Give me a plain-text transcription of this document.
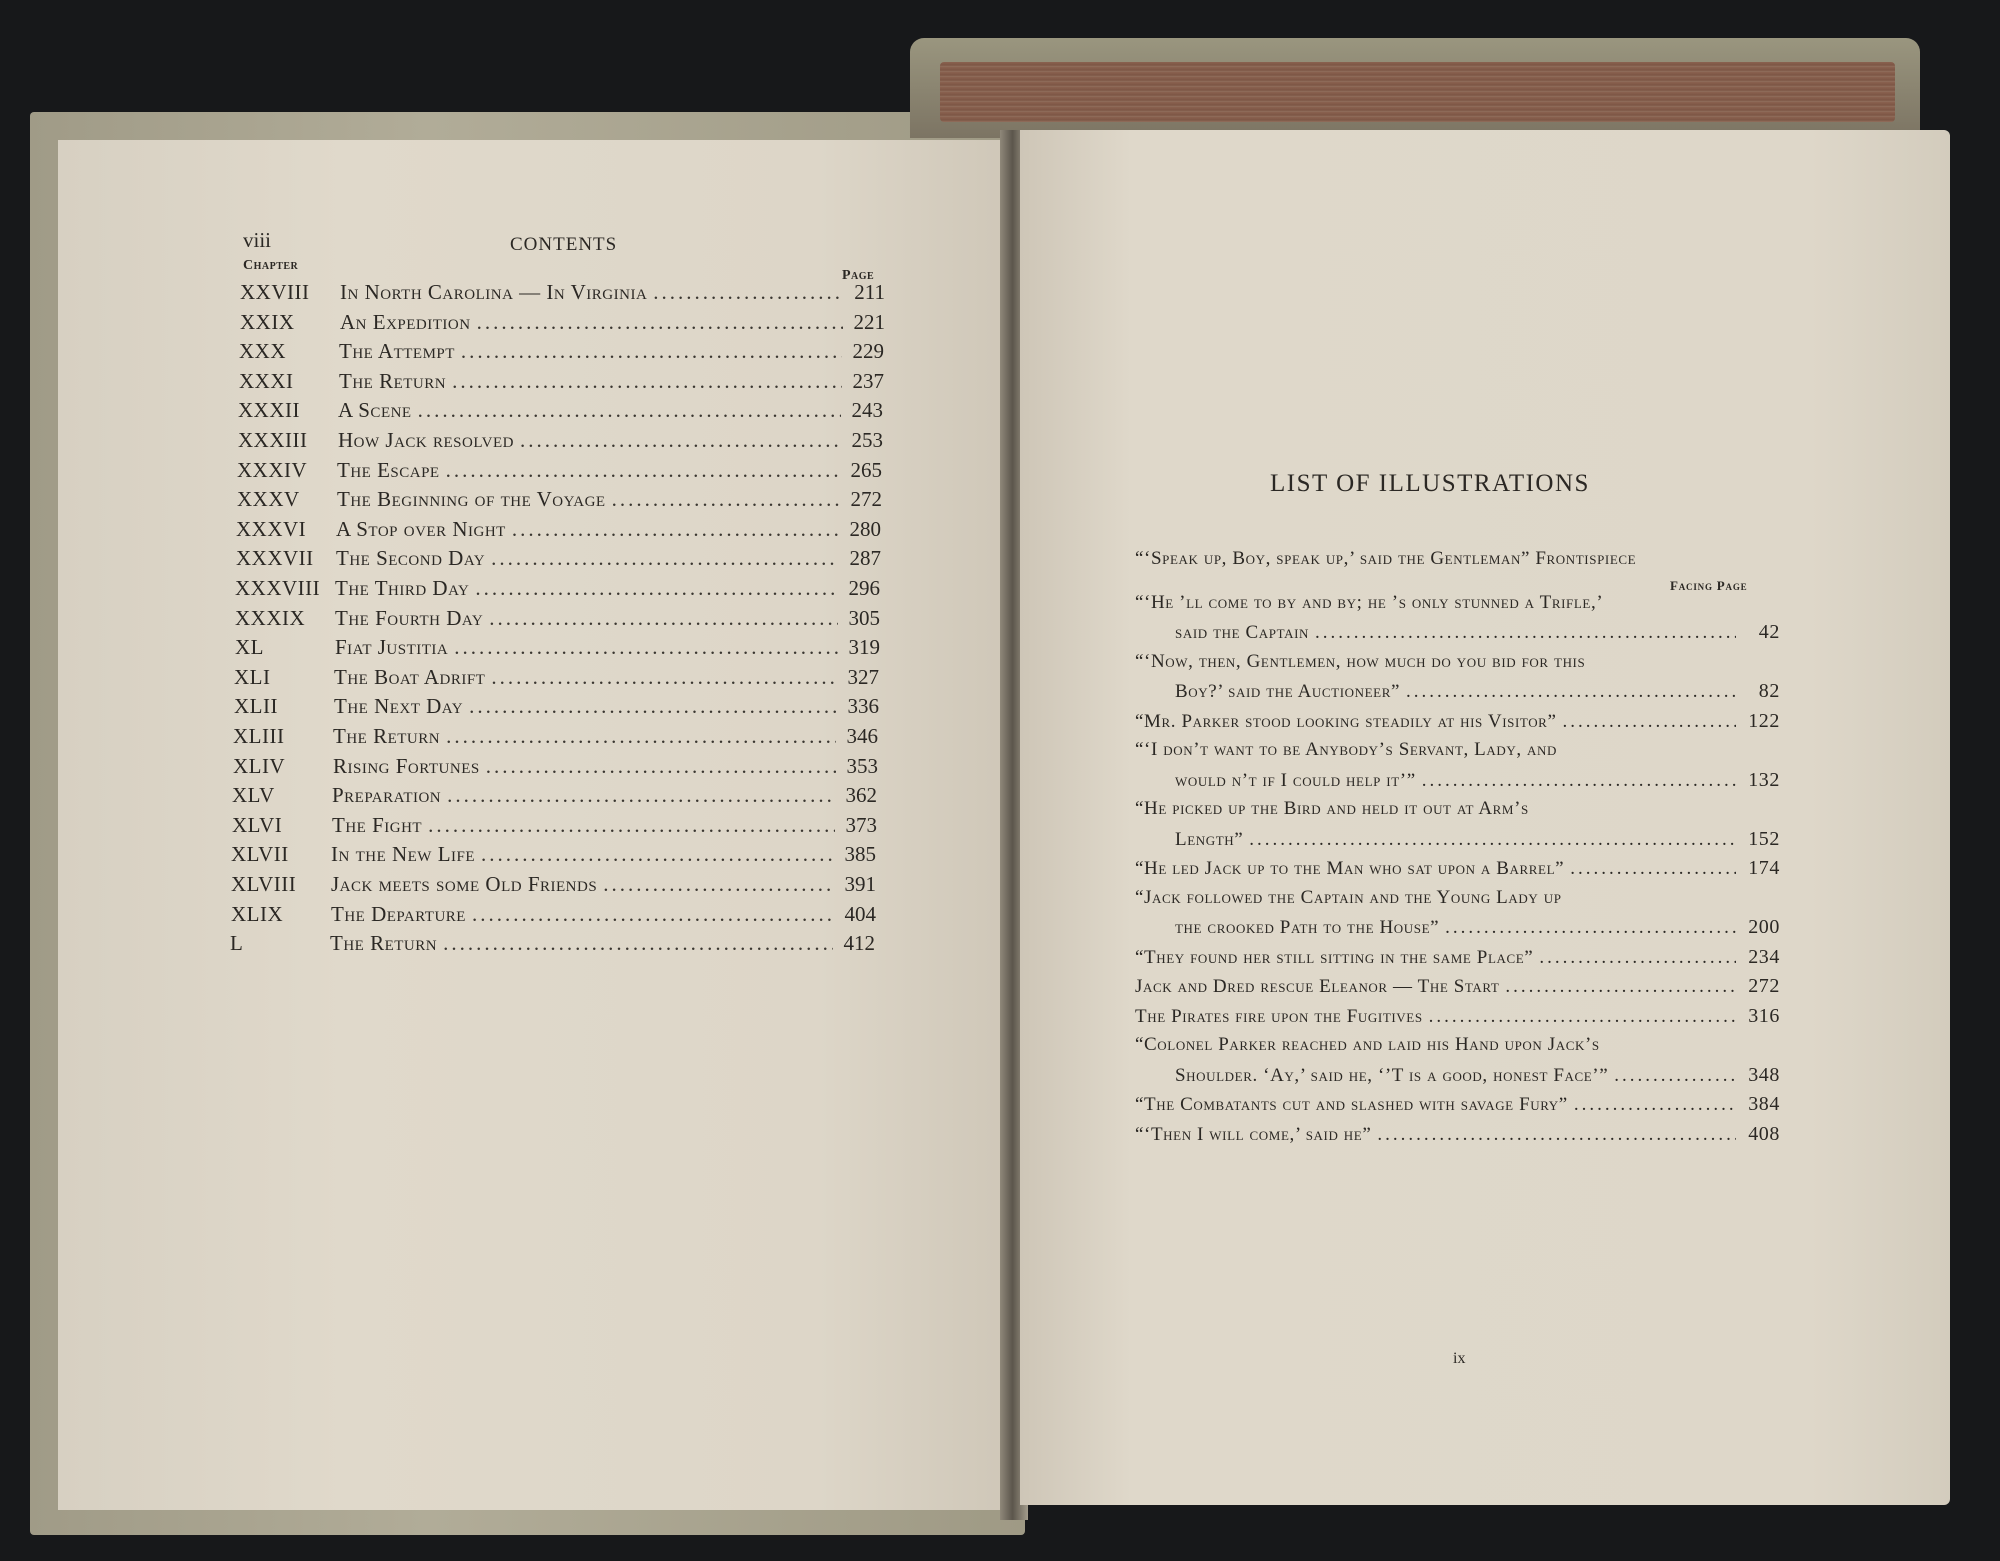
viii	CONTENTS
Chapter
Page
XXVIII	In North Carolina — In Virginia .....	211
XXIX	An Expedition .....	221
XXX	The Attempt .....	229
XXXI	The Return .....	237
XXXII	A Scene .....	243
XXXIII	How Jack resolved .....	253
XXXIV	The Escape .....	265
XXXV	The Beginning of the Voyage .....	272
XXXVI	A Stop over Night .....	280
XXXVII	The Second Day .....	287
XXXVIII The Third Day .....	296
XXXIX	The Fourth Day .....	305
XL	Fiat Justitia .....	319
XLI	The Boat Adrift .....	327
XLII	The Next Day .....	336
XLIII	The Return .....	346
XLIV	Rising Fortunes .....	353
XLV	Preparation .....	362
XLVI	The Fight .....	373
XLVII	In the New Life .....	385
XLVIII	Jack meets some Old Friends .....	391
XLIX	The Departure .....	404
L	The Return .....	412
LIST OF ILLUSTRATIONS
Facing Page
“‘Speak up, Boy, speak up,’ said the Gentleman” Frontispiece
“‘He ’ll come to by and by; he ’s only stunned a Trifle,’
said the Captain .....	42
“‘Now, then, Gentlemen, how much do you bid for this
Boy?’ said the Auctioneer” .....	82
“Mr. Parker stood looking steadily at his Visitor” .....	122
“‘I don’t want to be Anybody’s Servant, Lady, and
would n’t if I could help it’” .....	132
“He picked up the Bird and held it out at Arm’s
Length” .....	152
“He led Jack up to the Man who sat upon a Barrel” .....	174
“Jack followed the Captain and the Young Lady up
the crooked Path to the House” .....	200
“They found her still sitting in the same Place” .....	234
Jack and Dred rescue Eleanor — The Start .....	272
The Pirates fire upon the Fugitives .....	316
“Colonel Parker reached and laid his Hand upon Jack’s
Shoulder. ‘Ay,’ said he, ‘’T is a good, honest Face’” .....	348
“The Combatants cut and slashed with savage Fury” .....	384
“‘Then I will come,’ said he” .....	408
ix
